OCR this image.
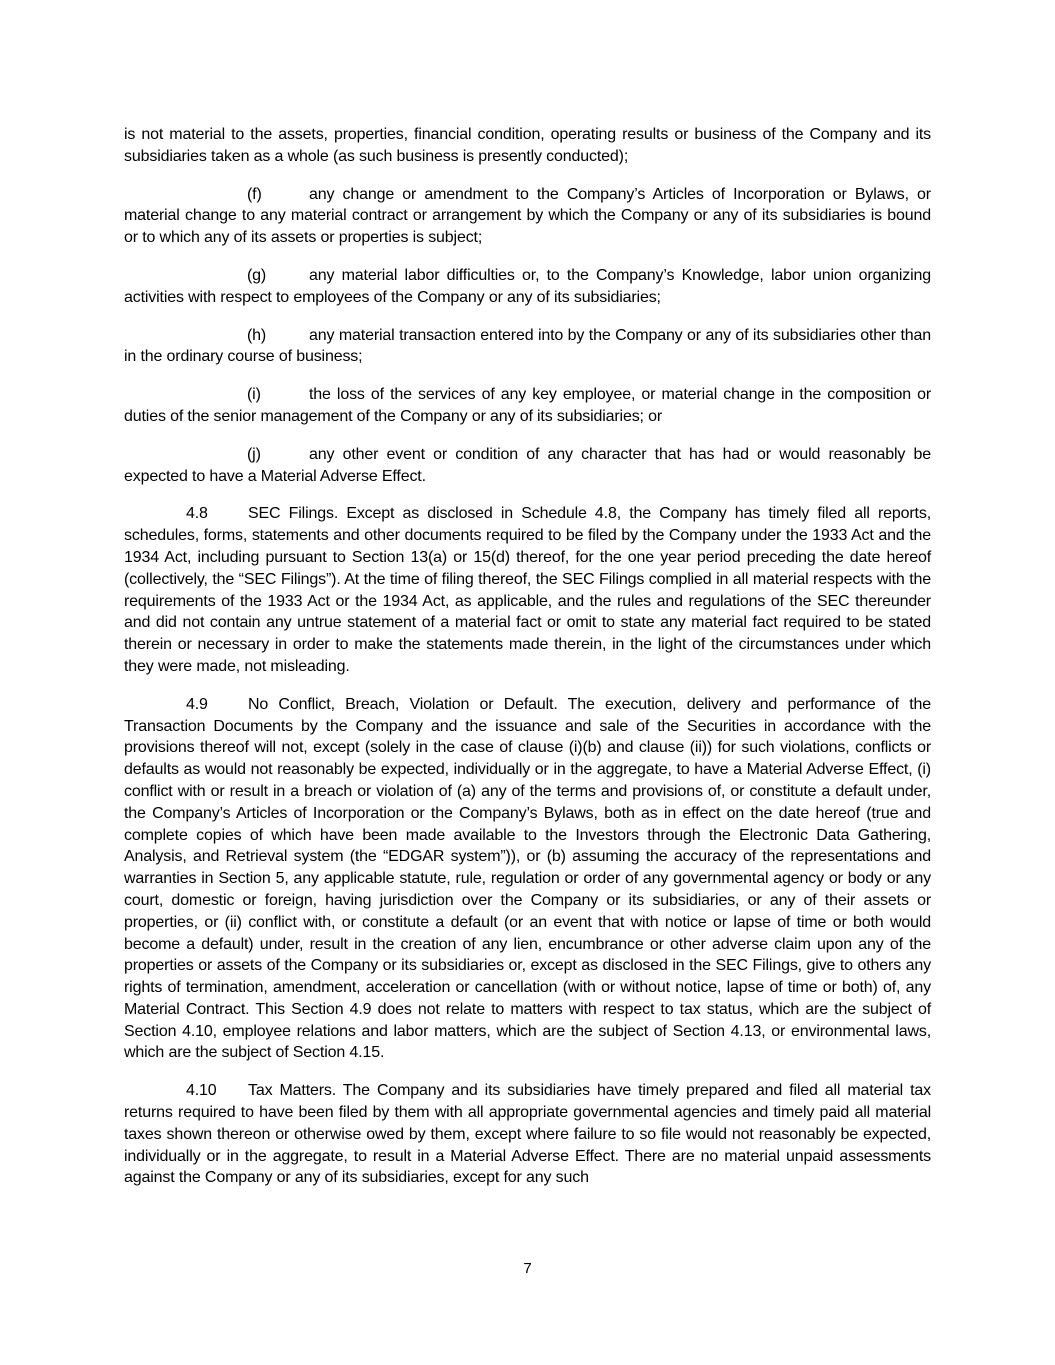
is not material to the assets, properties, financial condition, operating results or business of the Company and its subsidiaries taken as a whole (as such business is presently conducted);

(f)	any change or amendment to the Company’s Articles of Incorporation or Bylaws, or material change to any material contract or arrangement by which the Company or any of its subsidiaries is bound or to which any of its assets or properties is subject;

(g)	any material labor difficulties or, to the Company’s Knowledge, labor union organizing activities with respect to employees of the Company or any of its subsidiaries;

(h)	any material transaction entered into by the Company or any of its subsidiaries other than in the ordinary course of business;

(i)	the loss of the services of any key employee, or material change in the composition or duties of the senior management of the Company or any of its subsidiaries; or

(j)	any other event or condition of any character that has had or would reasonably be expected to have a Material Adverse Effect.

4.8	SEC Filings. Except as disclosed in Schedule 4.8, the Company has timely filed all reports, schedules, forms, statements and other documents required to be filed by the Company under the 1933 Act and the 1934 Act, including pursuant to Section 13(a) or 15(d) thereof, for the one year period preceding the date hereof (collectively, the “SEC Filings”). At the time of filing thereof, the SEC Filings complied in all material respects with the requirements of the 1933 Act or the 1934 Act, as applicable, and the rules and regulations of the SEC thereunder and did not contain any untrue statement of a material fact or omit to state any material fact required to be stated therein or necessary in order to make the statements made therein, in the light of the circumstances under which they were made, not misleading.

4.9	No Conflict, Breach, Violation or Default. The execution, delivery and performance of the Transaction Documents by the Company and the issuance and sale of the Securities in accordance with the provisions thereof will not, except (solely in the case of clause (i)(b) and clause (ii)) for such violations, conflicts or defaults as would not reasonably be expected, individually or in the aggregate, to have a Material Adverse Effect, (i) conflict with or result in a breach or violation of (a) any of the terms and provisions of, or constitute a default under, the Company’s Articles of Incorporation or the Company’s Bylaws, both as in effect on the date hereof (true and complete copies of which have been made available to the Investors through the Electronic Data Gathering, Analysis, and Retrieval system (the “EDGAR system”)), or (b) assuming the accuracy of the representations and warranties in Section 5, any applicable statute, rule, regulation or order of any governmental agency or body or any court, domestic or foreign, having jurisdiction over the Company or its subsidiaries, or any of their assets or properties, or (ii) conflict with, or constitute a default (or an event that with notice or lapse of time or both would become a default) under, result in the creation of any lien, encumbrance or other adverse claim upon any of the properties or assets of the Company or its subsidiaries or, except as disclosed in the SEC Filings, give to others any rights of termination, amendment, acceleration or cancellation (with or without notice, lapse of time or both) of, any Material Contract. This Section 4.9 does not relate to matters with respect to tax status, which are the subject of Section 4.10, employee relations and labor matters, which are the subject of Section 4.13, or environmental laws, which are the subject of Section 4.15.

4.10 Tax Matters. The Company and its subsidiaries have timely prepared and filed all material tax returns required to have been filed by them with all appropriate governmental agencies and timely paid all material taxes shown thereon or otherwise owed by them, except where failure to so file would not reasonably be expected, individually or in the aggregate, to result in a Material Adverse Effect. There are no material unpaid assessments against the Company or any of its subsidiaries, except for any such

7
